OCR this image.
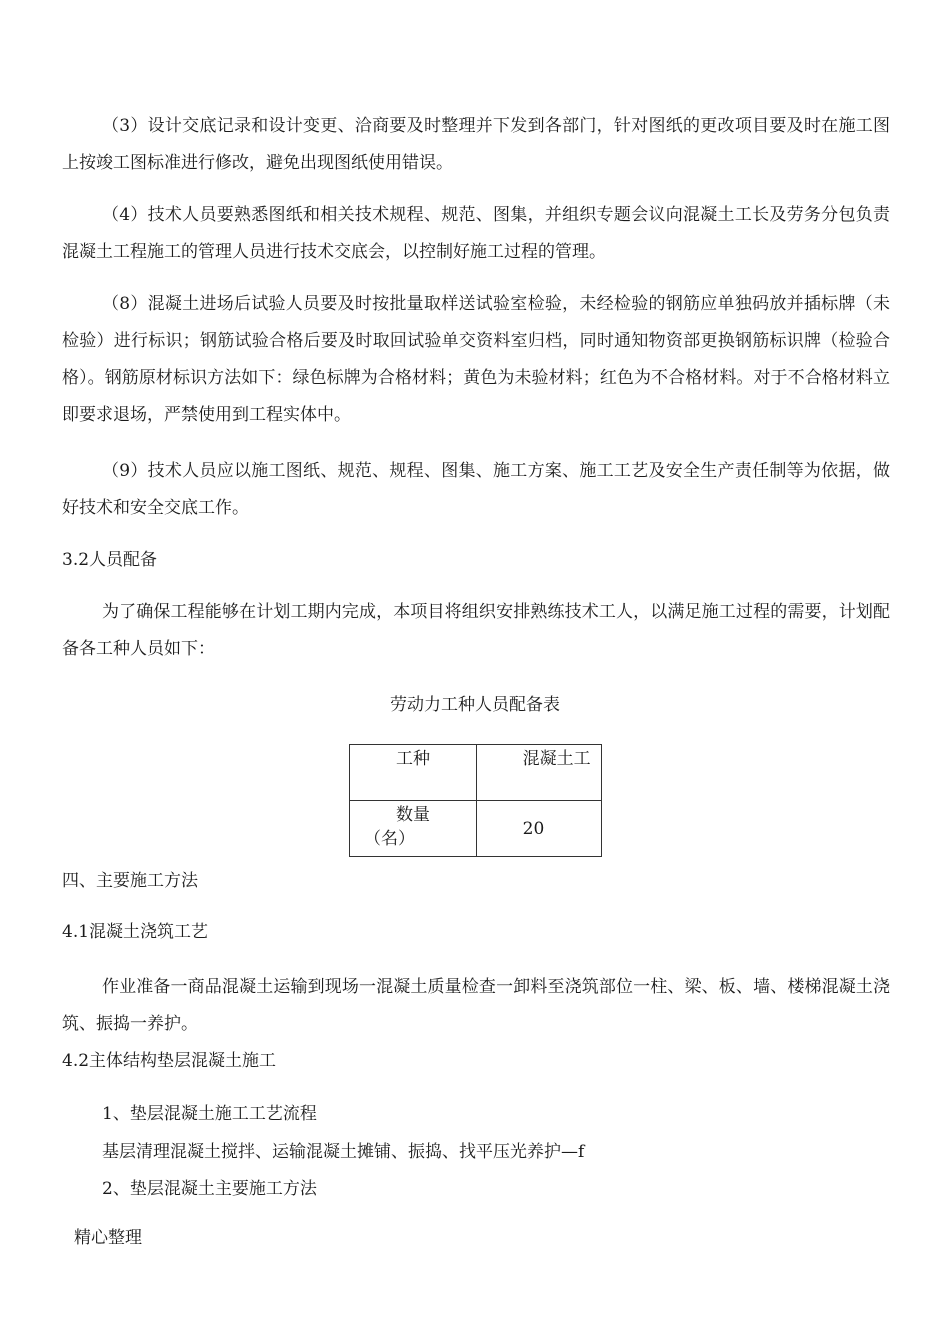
（3）设计交底记录和设计变更、洽商要及时整理并下发到各部门，针对图纸的更改项目要及时在施工图上按竣工图标准进行修改，避免出现图纸使用错误。

（4）技术人员要熟悉图纸和相关技术规程、规范、图集，并组织专题会议向混凝土工长及劳务分包负责混凝土工程施工的管理人员进行技术交底会，以控制好施工过程的管理。

（8）混凝土进场后试验人员要及时按批量取样送试验室检验，未经检验的钢筋应单独码放并插标牌（未检验）进行标识；钢筋试验合格后要及时取回试验单交资料室归档，同时通知物资部更换钢筋标识牌（检验合格）。钢筋原材标识方法如下：绿色标牌为合格材料；黄色为未验材料；红色为不合格材料。对于不合格材料立即要求退场，严禁使用到工程实体中。

（9）技术人员应以施工图纸、规范、规程、图集、施工方案、施工工艺及安全生产责任制等为依据，做好技术和安全交底工作。

3.2人员配备

为了确保工程能够在计划工期内完成，本项目将组织安排熟练技术工人，以满足施工过程的需要，计划配备各工种人员如下：

劳动力工种人员配备表

工种	混凝土工

数量（名）	20

四、主要施工方法

4.1混凝土浇筑工艺

作业准备一商品混凝土运输到现场一混凝土质量检查一卸料至浇筑部位一柱、梁、板、墙、楼梯混凝土浇筑、振捣一养护。

4.2主体结构垫层混凝土施工

1、垫层混凝土施工工艺流程

基层清理混凝土搅拌、运输混凝土摊铺、振捣、找平压光养护—f

2、垫层混凝土主要施工方法

精心整理
